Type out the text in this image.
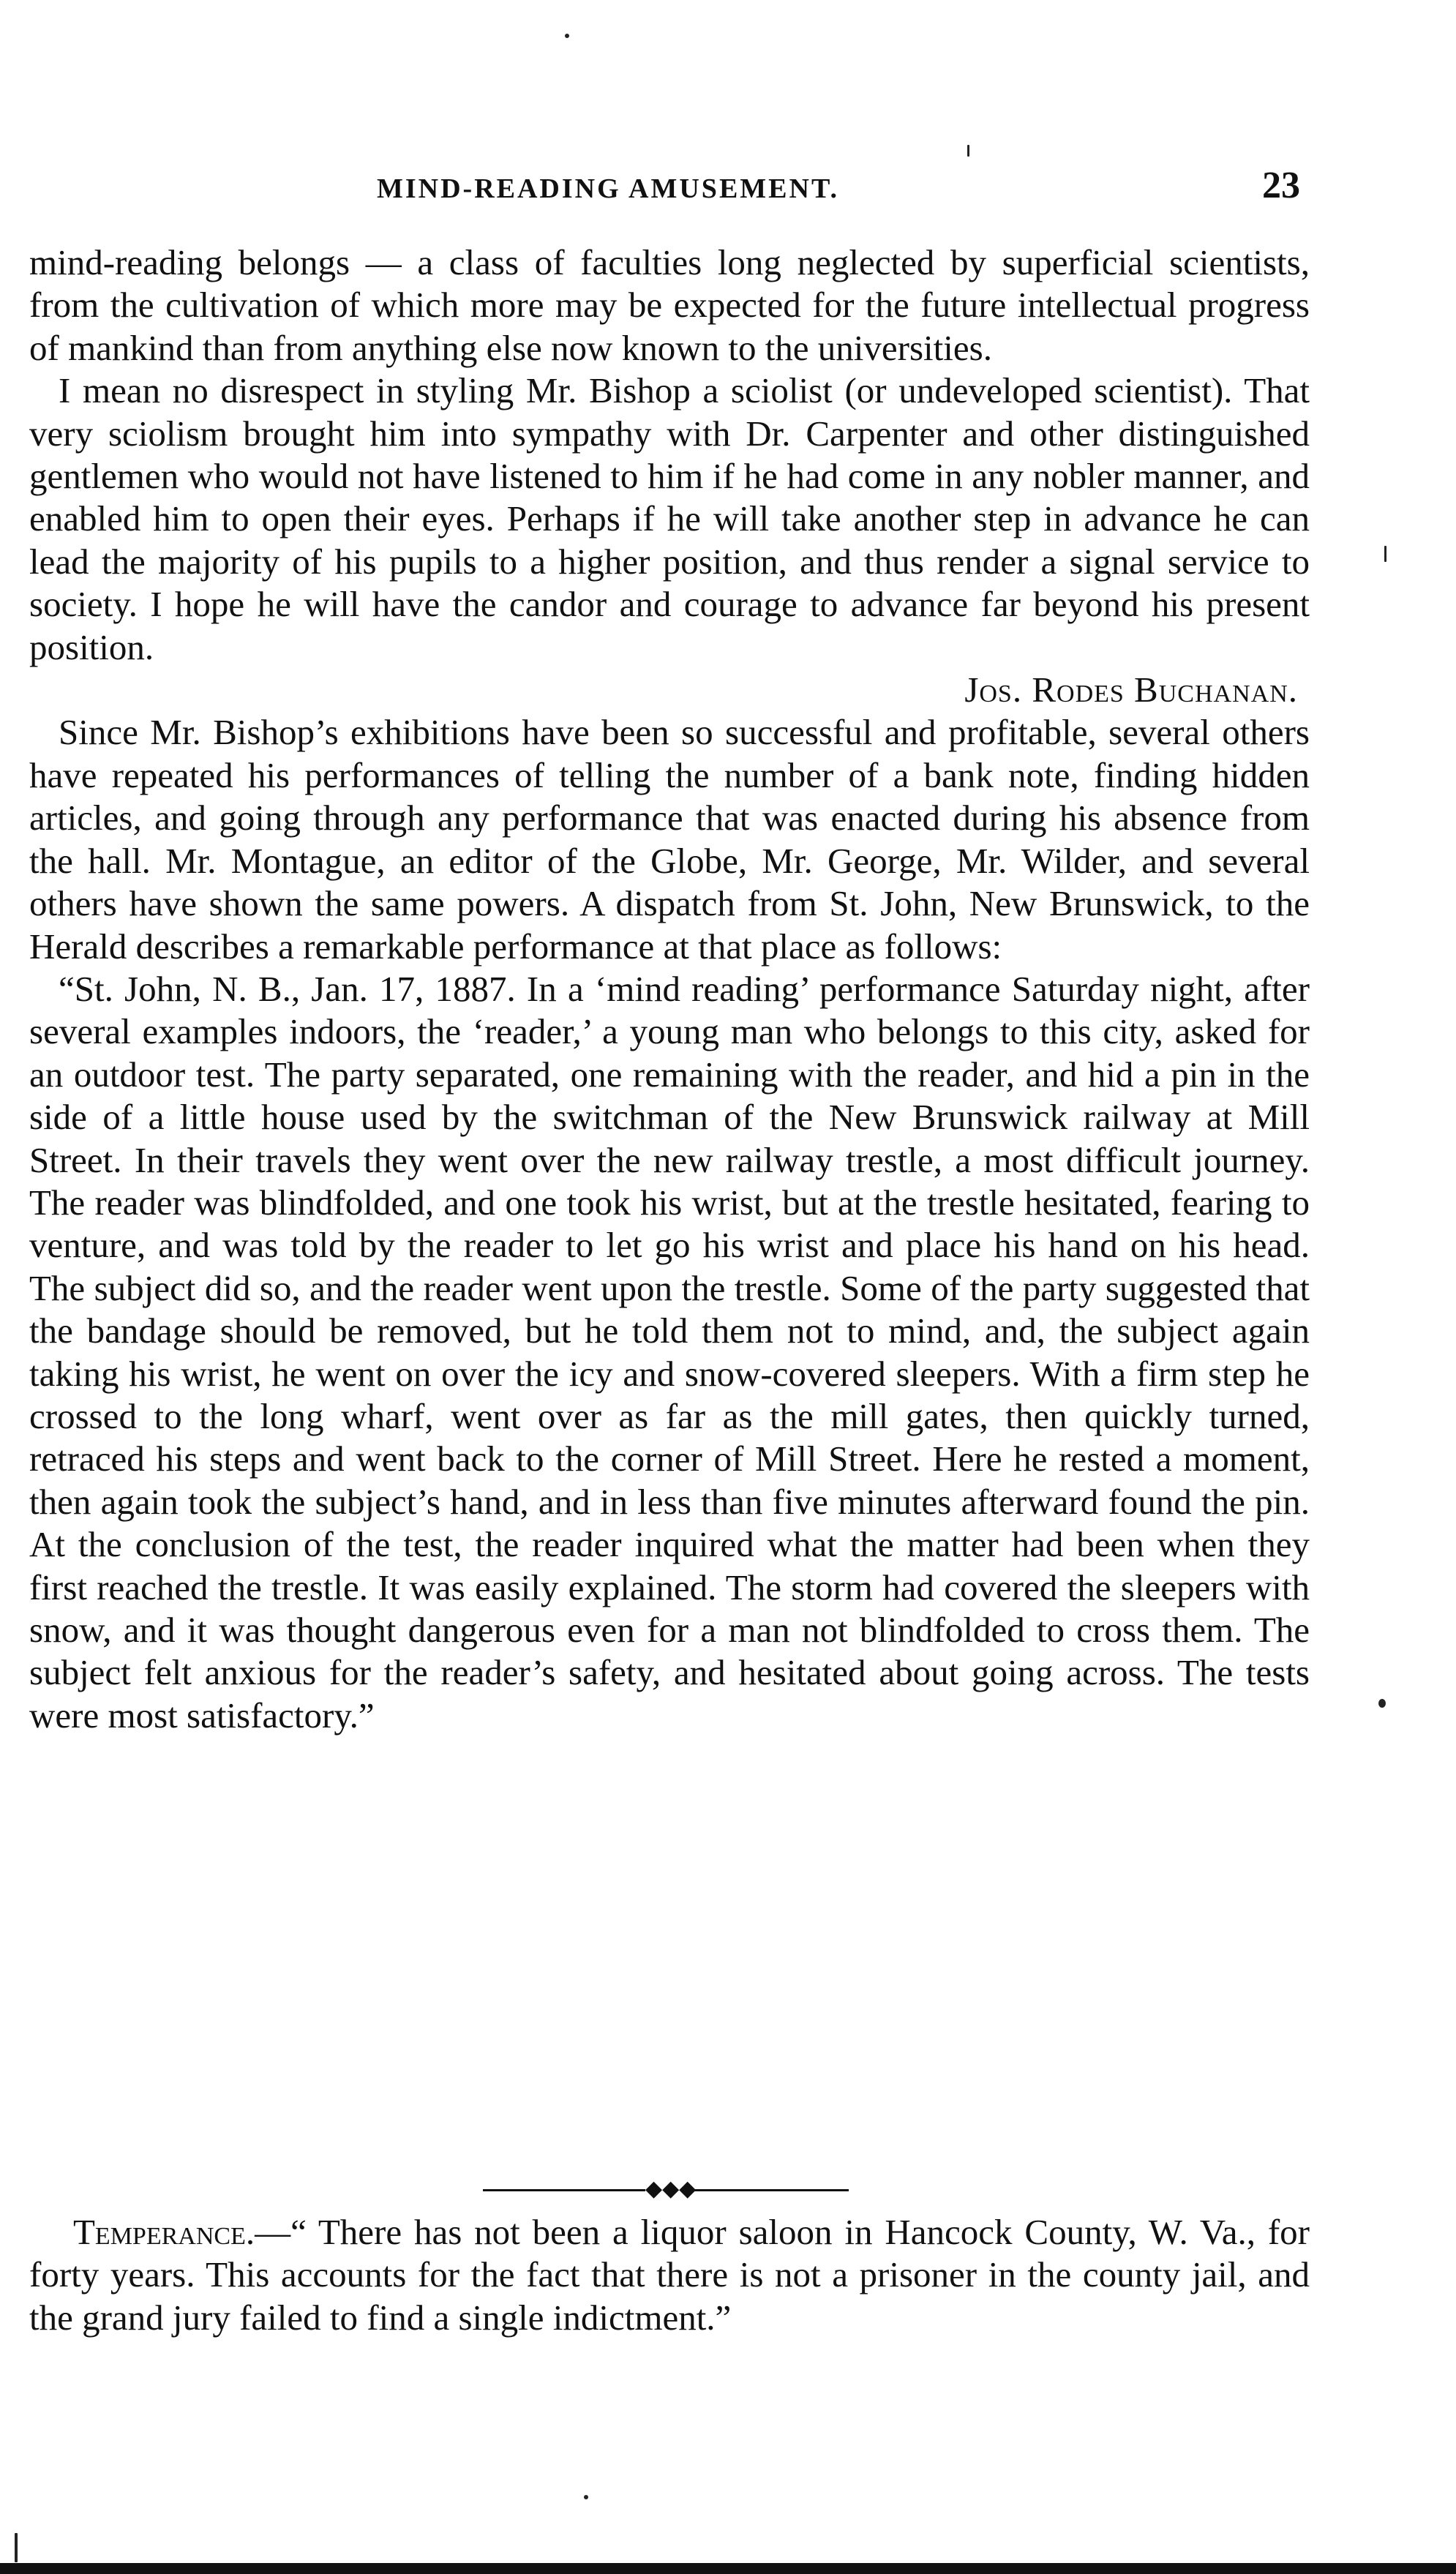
MIND-READING AMUSEMENT.	23

mind-reading belongs — a class of faculties long neglected by superficial scientists, from the cultivation of which more may be expected for the future intellectual progress of mankind than from anything else now known to the universities.

I mean no disrespect in styling Mr. Bishop a sciolist (or undeveloped scientist). That very sciolism brought him into sympathy with Dr. Carpenter and other distinguished gentlemen who would not have listened to him if he had come in any nobler manner, and enabled him to open their eyes. Perhaps if he will take another step in advance he can lead the majority of his pupils to a higher position, and thus render a signal service to society. I hope he will have the candor and courage to advance far beyond his present position.

Jos. Rodes Buchanan.

Since Mr. Bishop’s exhibitions have been so successful and profitable, several others have repeated his performances of telling the number of a bank note, finding hidden articles, and going through any performance that was enacted during his absence from the hall. Mr. Montague, an editor of the Globe, Mr. George, Mr. Wilder, and several others have shown the same powers. A dispatch from St. John, New Brunswick, to the Herald describes a remarkable performance at that place as follows:

“St. John, N. B., Jan. 17, 1887. In a ‘mind reading’ performance Saturday night, after several examples indoors, the ‘reader,’ a young man who belongs to this city, asked for an outdoor test. The party separated, one remaining with the reader, and hid a pin in the side of a little house used by the switchman of the New Brunswick railway at Mill Street. In their travels they went over the new railway trestle, a most difficult journey. The reader was blindfolded, and one took his wrist, but at the trestle hesitated, fearing to venture, and was told by the reader to let go his wrist and place his hand on his head. The subject did so, and the reader went upon the trestle. Some of the party suggested that the bandage should be removed, but he told them not to mind, and, the subject again taking his wrist, he went on over the icy and snow-covered sleepers. With a firm step he crossed to the long wharf, went over as far as the mill gates, then quickly turned, retraced his steps and went back to the corner of Mill Street. Here he rested a moment, then again took the subject’s hand, and in less than five minutes afterward found the pin. At the conclusion of the test, the reader inquired what the matter had been when they first reached the trestle. It was easily explained. The storm had covered the sleepers with snow, and it was thought dangerous even for a man not blindfolded to cross them. The subject felt anxious for the reader’s safety, and hesitated about going across. The tests were most satisfactory.”

◆◆◆

Temperance.—“ There has not been a liquor saloon in Hancock County, W. Va., for forty years. This accounts for the fact that there is not a prisoner in the county jail, and the grand jury failed to find a single indictment.”
